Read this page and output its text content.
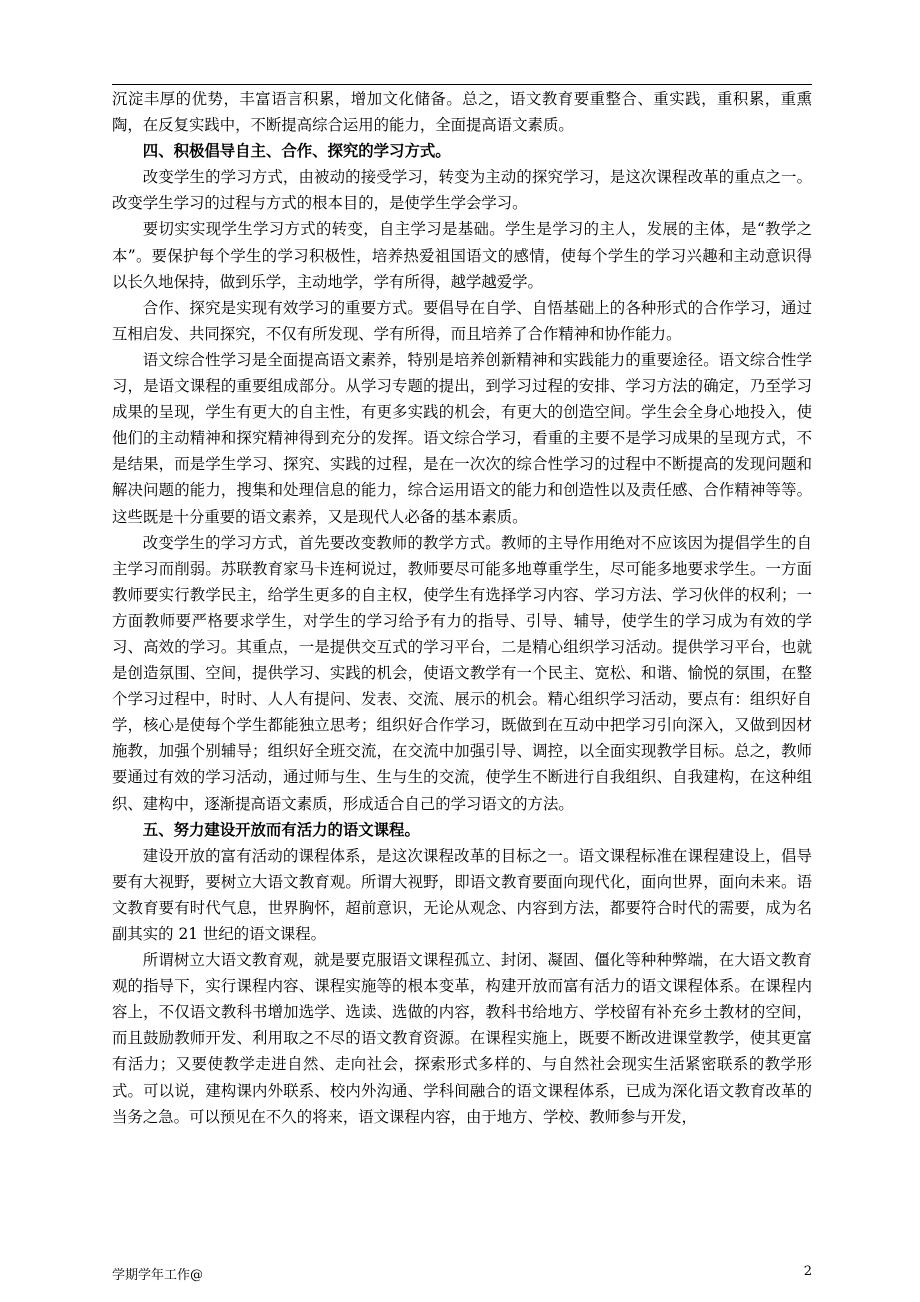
沉淀丰厚的优势，丰富语言积累，增加文化储备。总之，语文教育要重整合、重实践，重积累，重熏陶，在反复实践中，不断提高综合运用的能力，全面提高语文素质。

四、积极倡导自主、合作、探究的学习方式。

改变学生的学习方式，由被动的接受学习，转变为主动的探究学习，是这次课程改革的重点之一。改变学生学习的过程与方式的根本目的，是使学生学会学习。

要切实实现学生学习方式的转变，自主学习是基础。学生是学习的主人，发展的主体，是“教学之本”。要保护每个学生的学习积极性，培养热爱祖国语文的感情，使每个学生的学习兴趣和主动意识得以长久地保持，做到乐学，主动地学，学有所得，越学越爱学。

合作、探究是实现有效学习的重要方式。要倡导在自学、自悟基础上的各种形式的合作学习，通过互相启发、共同探究，不仅有所发现、学有所得，而且培养了合作精神和协作能力。

语文综合性学习是全面提高语文素养，特别是培养创新精神和实践能力的重要途径。语文综合性学习，是语文课程的重要组成部分。从学习专题的提出，到学习过程的安排、学习方法的确定，乃至学习成果的呈现，学生有更大的自主性，有更多实践的机会，有更大的创造空间。学生会全身心地投入，使他们的主动精神和探究精神得到充分的发挥。语文综合学习，看重的主要不是学习成果的呈现方式，不是结果，而是学生学习、探究、实践的过程，是在一次次的综合性学习的过程中不断提高的发现问题和解决问题的能力，搜集和处理信息的能力，综合运用语文的能力和创造性以及责任感、合作精神等等。这些既是十分重要的语文素养，又是现代人必备的基本素质。

改变学生的学习方式，首先要改变教师的教学方式。教师的主导作用绝对不应该因为提倡学生的自主学习而削弱。苏联教育家马卡连柯说过，教师要尽可能多地尊重学生，尽可能多地要求学生。一方面教师要实行教学民主，给学生更多的自主权，使学生有选择学习内容、学习方法、学习伙伴的权利；一方面教师要严格要求学生，对学生的学习给予有力的指导、引导、辅导，使学生的学习成为有效的学习、高效的学习。其重点，一是提供交互式的学习平台，二是精心组织学习活动。提供学习平台，也就是创造氛围、空间，提供学习、实践的机会，使语文教学有一个民主、宽松、和谐、愉悦的氛围，在整个学习过程中，时时、人人有提问、发表、交流、展示的机会。精心组织学习活动，要点有：组织好自学，核心是使每个学生都能独立思考；组织好合作学习，既做到在互动中把学习引向深入，又做到因材施教，加强个别辅导；组织好全班交流，在交流中加强引导、调控，以全面实现教学目标。总之，教师要通过有效的学习活动，通过师与生、生与生的交流，使学生不断进行自我组织、自我建构，在这种组织、建构中，逐渐提高语文素质，形成适合自己的学习语文的方法。

五、努力建设开放而有活力的语文课程。

建设开放的富有活动的课程体系，是这次课程改革的目标之一。语文课程标准在课程建设上，倡导要有大视野，要树立大语文教育观。所谓大视野，即语文教育要面向现代化，面向世界，面向未来。语文教育要有时代气息，世界胸怀，超前意识，无论从观念、内容到方法，都要符合时代的需要，成为名副其实的 21 世纪的语文课程。

所谓树立大语文教育观，就是要克服语文课程孤立、封闭、凝固、僵化等种种弊端，在大语文教育观的指导下，实行课程内容、课程实施等的根本变革，构建开放而富有活力的语文课程体系。在课程内容上，不仅语文教科书增加选学、选读、选做的内容，教科书给地方、学校留有补充乡土教材的空间，而且鼓励教师开发、利用取之不尽的语文教育资源。在课程实施上，既要不断改进课堂教学，使其更富有活力；又要使教学走进自然、走向社会，探索形式多样的、与自然社会现实生活紧密联系的教学形式。可以说，建构课内外联系、校内外沟通、学科间融合的语文课程体系，已成为深化语文教育改革的当务之急。可以预见在不久的将来，语文课程内容，由于地方、学校、教师参与开发，

学期学年工作@	2
